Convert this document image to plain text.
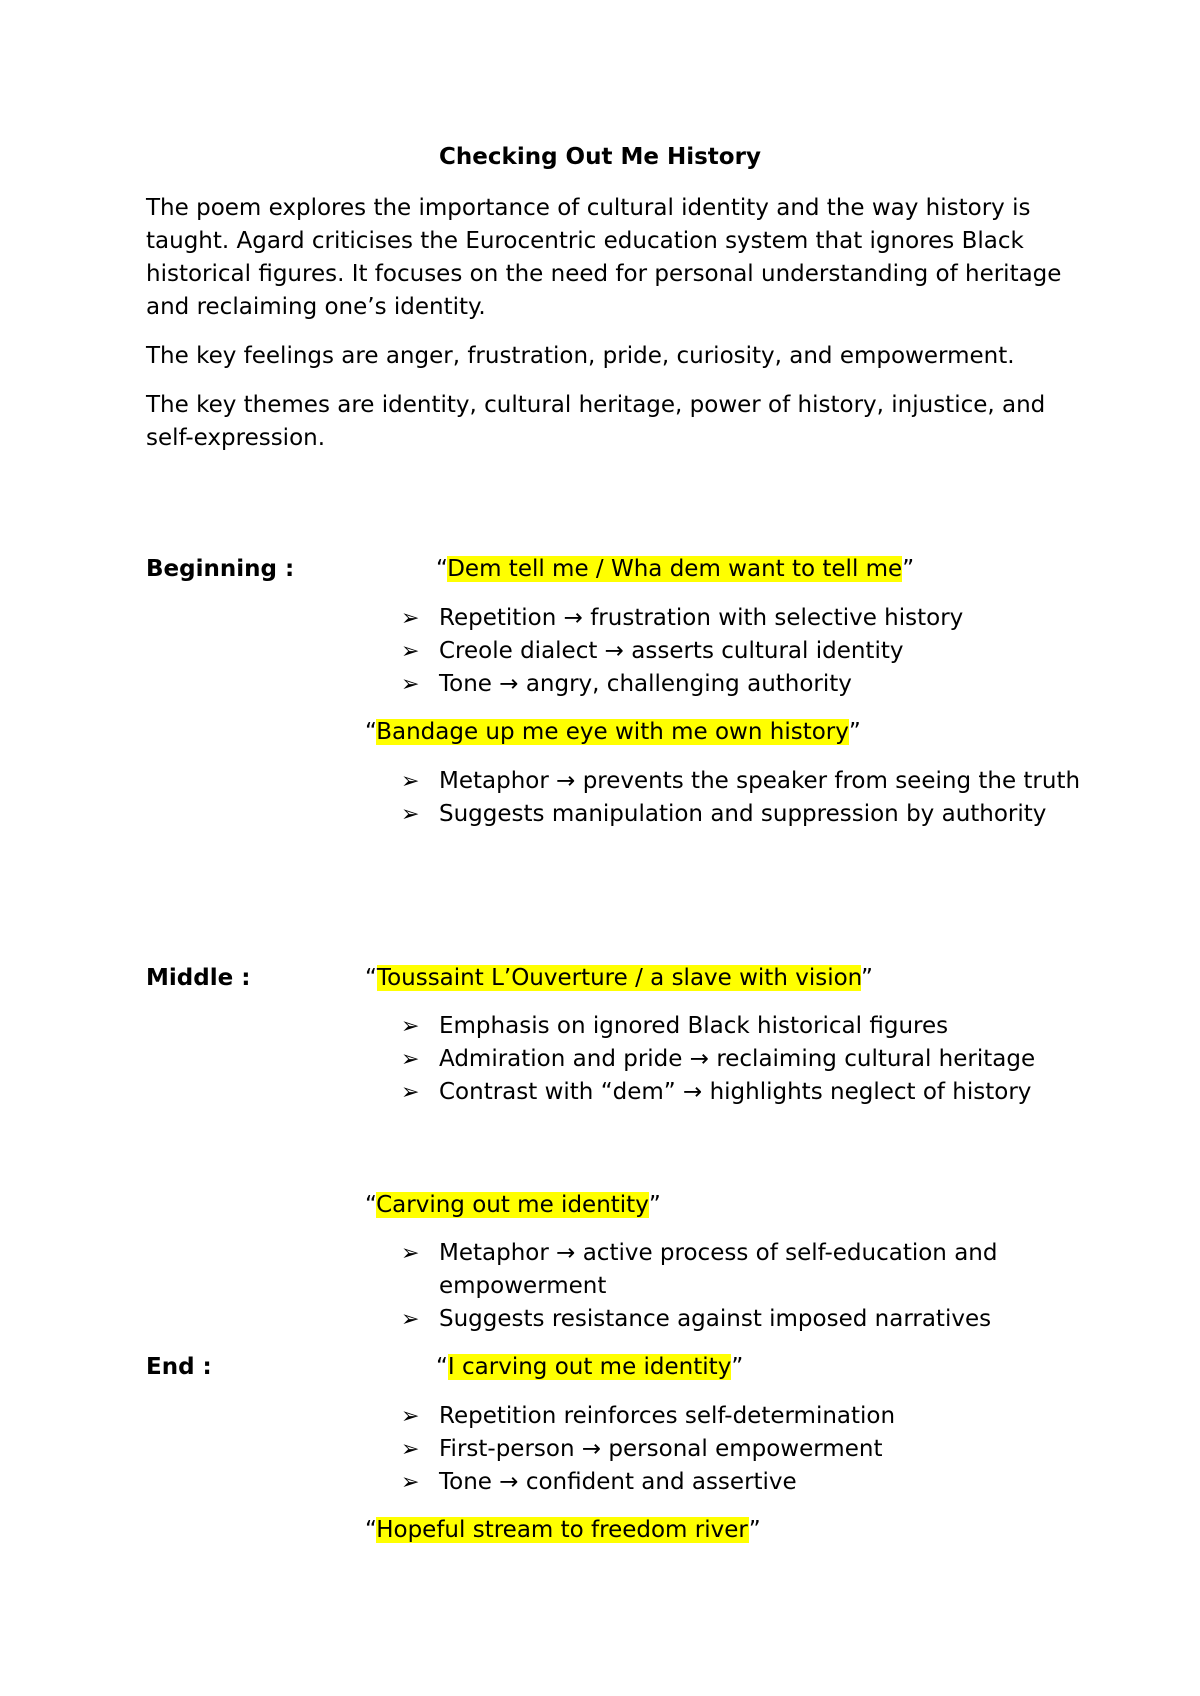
Checking Out Me History

The poem explores the importance of cultural identity and the way history is taught. Agard criticises the Eurocentric education system that ignores Black historical figures. It focuses on the need for personal understanding of heritage and reclaiming one’s identity.

The key feelings are anger, frustration, pride, curiosity, and empowerment.

The key themes are identity, cultural heritage, power of history, injustice, and self-expression.

Beginning :	“Dem tell me / Wha dem want to tell me”
➢ Repetition → frustration with selective history
➢ Creole dialect → asserts cultural identity
➢ Tone → angry, challenging authority
“Bandage up me eye with me own history”
➢ Metaphor → prevents the speaker from seeing the truth
➢ Suggests manipulation and suppression by authority
Middle :	“Toussaint L’Ouverture / a slave with vision”
➢ Emphasis on ignored Black historical figures
➢ Admiration and pride → reclaiming cultural heritage
➢ Contrast with “dem” → highlights neglect of history
“Carving out me identity”
➢ Metaphor → active process of self-education and empowerment
➢ Suggests resistance against imposed narratives
End :	“I carving out me identity”
➢ Repetition reinforces self-determination
➢ First-person → personal empowerment
➢ Tone → confident and assertive
“Hopeful stream to freedom river”
